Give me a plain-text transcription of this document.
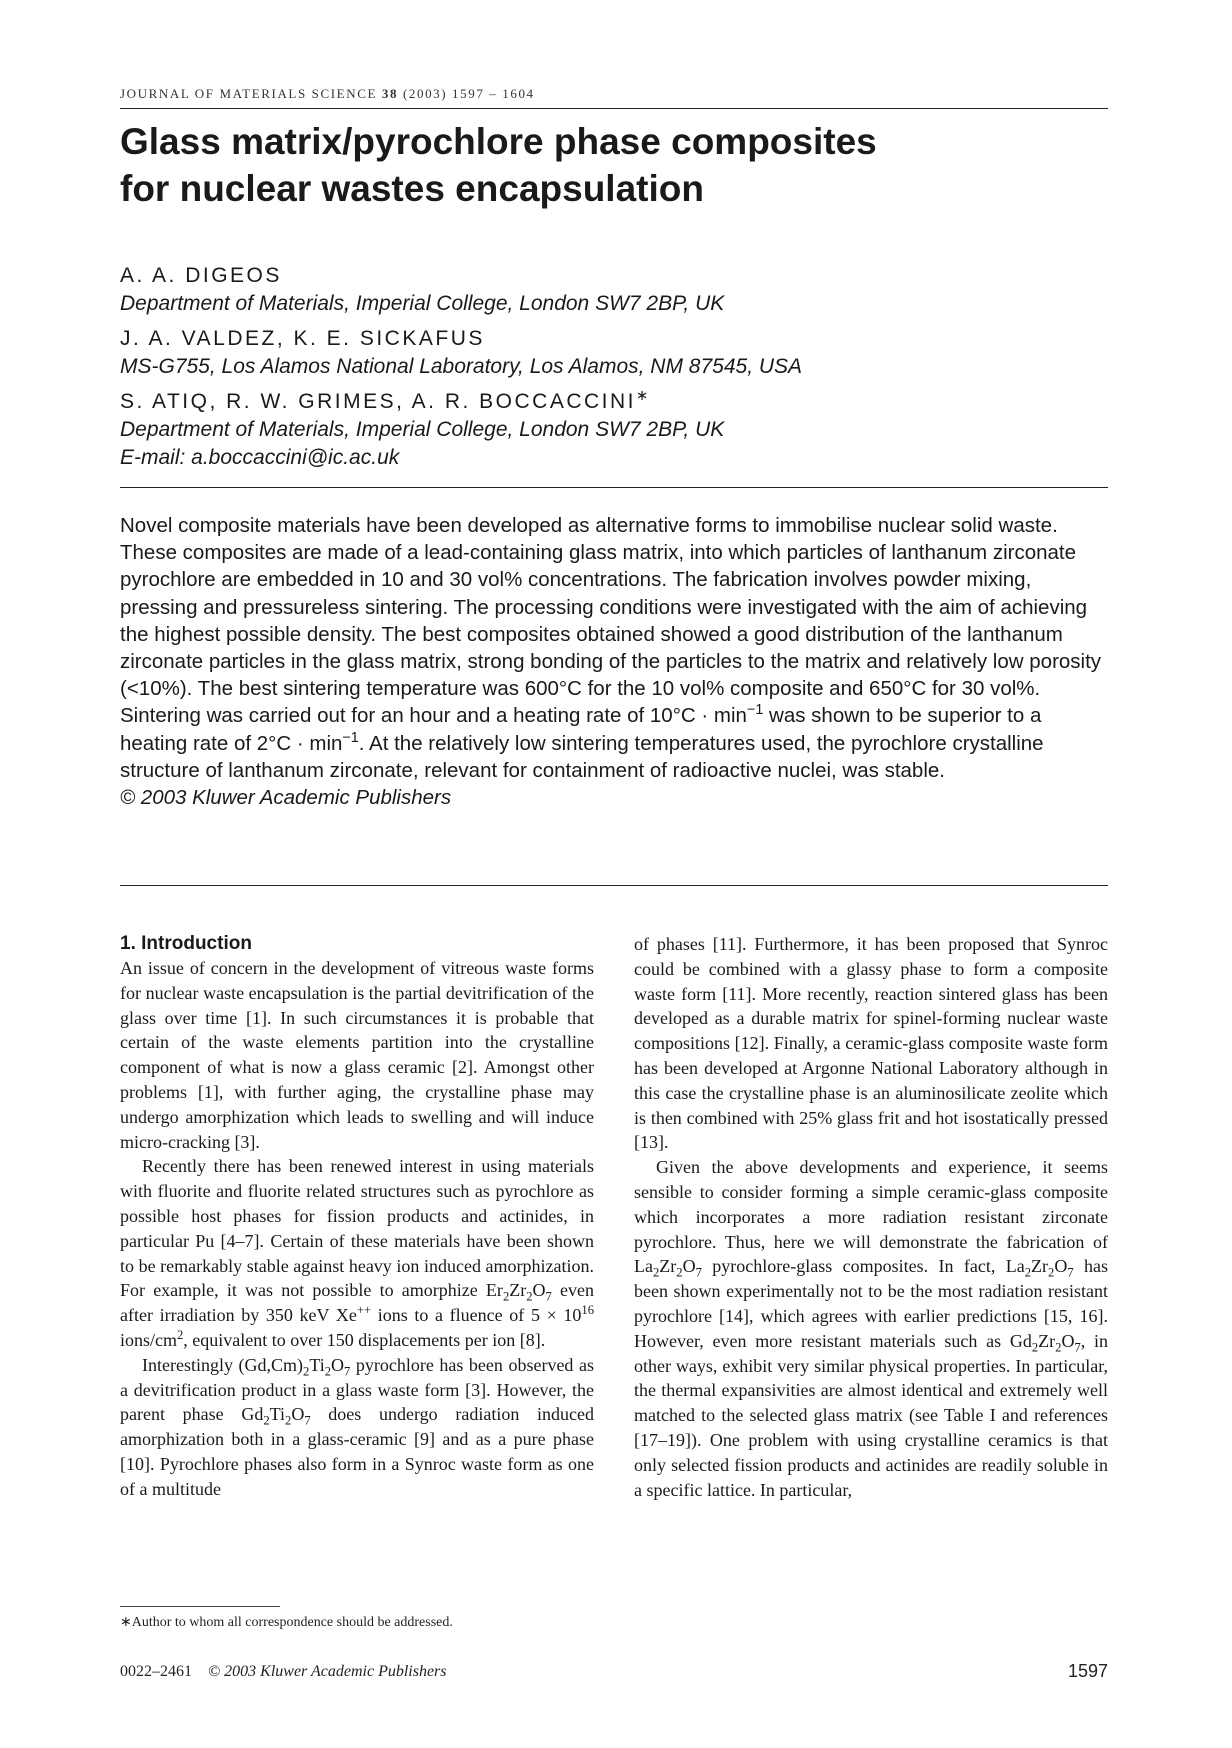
JOURNAL OF MATERIALS SCIENCE 38 (2003) 1597 – 1604
Glass matrix/pyrochlore phase composites
for nuclear wastes encapsulation
A. A. DIGEOS
Department of Materials, Imperial College, London SW7 2BP, UK
J. A. VALDEZ, K. E. SICKAFUS
MS-G755, Los Alamos National Laboratory, Los Alamos, NM 87545, USA
S. ATIQ, R. W. GRIMES, A. R. BOCCACCINI∗
Department of Materials, Imperial College, London SW7 2BP, UK
E-mail: a.boccaccini@ic.ac.uk

Novel composite materials have been developed as alternative forms to immobilise nuclear solid waste. These composites are made of a lead-containing glass matrix, into which particles of lanthanum zirconate pyrochlore are embedded in 10 and 30 vol% concentrations. The fabrication involves powder mixing, pressing and pressureless sintering. The processing conditions were investigated with the aim of achieving the highest possible density. The best composites obtained showed a good distribution of the lanthanum zirconate particles in the glass matrix, strong bonding of the particles to the matrix and relatively low porosity (<10%). The best sintering temperature was 600°C for the 10 vol% composite and 650°C for 30 vol%. Sintering was carried out for an hour and a heating rate of $10^\circ C \cdot \min^{-1}$ was shown to be superior to a heating rate of $2^\circ C \cdot \min^{-1}$. At the relatively low sintering temperatures used, the pyrochlore crystalline structure of lanthanum zirconate, relevant for containment of radioactive nuclei, was stable.
© 2003 Kluwer Academic Publishers

1. Introduction

An issue of concern in the development of vitreous waste forms for nuclear waste encapsulation is the partial devitrification of the glass over time [1]. In such circumstances it is probable that certain of the waste elements partition into the crystalline component of what is now a glass ceramic [2]. Amongst other problems [1], with further aging, the crystalline phase may undergo amorphization which leads to swelling and will induce micro-cracking [3].

Recently there has been renewed interest in using materials with fluorite and fluorite related structures such as pyrochlore as possible host phases for fission products and actinides, in particular Pu [4–7]. Certain of these materials have been shown to be remarkably stable against heavy ion induced amorphization. For example, it was not possible to amorphize $Er_2Zr_2O_7$ even after irradiation by 350 keV Xe++ ions to a fluence of $5 \times 10^{16}$ ions/$cm^2$, equivalent to over 150 displacements per ion [8].

Interestingly $(Gd,Cm)_2Ti_2O_7$ pyrochlore has been observed as a devitrification product in a glass waste form [3]. However, the parent phase $Gd_2Ti_2O_7$ does undergo radiation induced amorphization both in a glass-ceramic [9] and as a pure phase [10]. Pyrochlore phases also form in a Synroc waste form as one of a multitude

of phases [11]. Furthermore, it has been proposed that Synroc could be combined with a glassy phase to form a composite waste form [11]. More recently, reaction sintered glass has been developed as a durable matrix for spinel-forming nuclear waste compositions [12]. Finally, a ceramic-glass composite waste form has been developed at Argonne National Laboratory although in this case the crystalline phase is an aluminosilicate zeolite which is then combined with 25% glass frit and hot isostatically pressed [13].

Given the above developments and experience, it seems sensible to consider forming a simple ceramic-glass composite which incorporates a more radiation resistant zirconate pyrochlore. Thus, here we will demonstrate the fabrication of $La_2Zr_2O_7$ pyrochlore-glass composites. In fact, $La_2Zr_2O_7$ has been shown experimentally not to be the most radiation resistant pyrochlore [14], which agrees with earlier predictions [15, 16]. However, even more resistant materials such as $Gd_2Zr_2O_7$, in other ways, exhibit very similar physical properties. In particular, the thermal expansivities are almost identical and extremely well matched to the selected glass matrix (see Table I and references [17–19]). One problem with using crystalline ceramics is that only selected fission products and actinides are readily soluble in a specific lattice. In particular,

∗Author to whom all correspondence should be addressed.
0022–2461 © 2003 Kluwer Academic Publishers	1597
